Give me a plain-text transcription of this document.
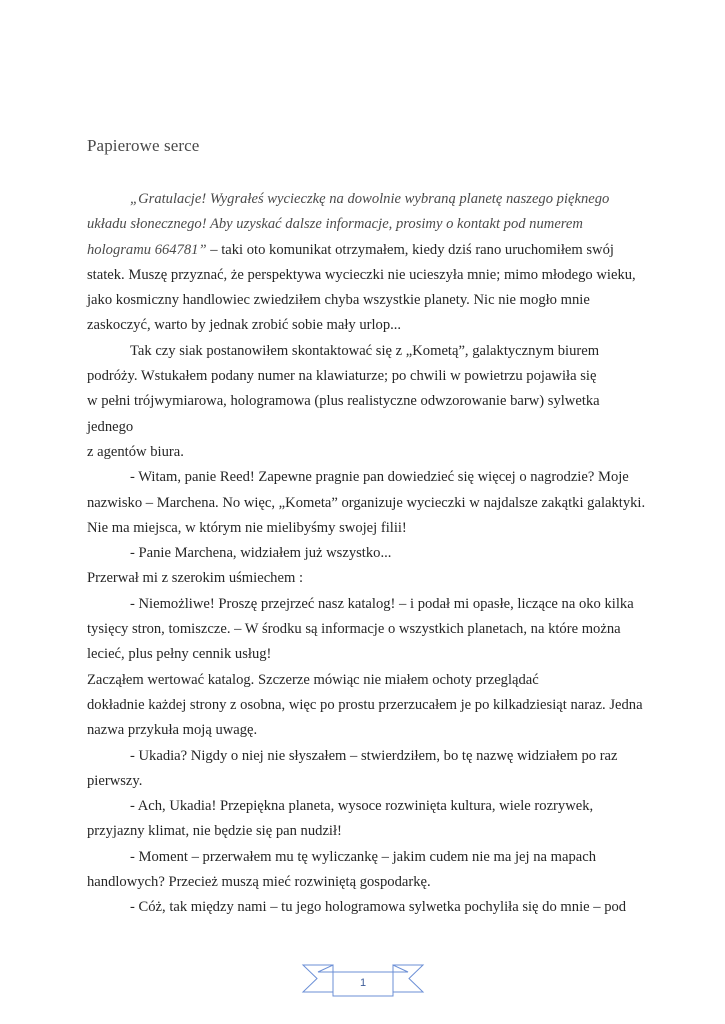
Papierowe serce

„Gratulacje! Wygrałeś wycieczkę na dowolnie wybraną planetę naszego pięknego układu słonecznego! Aby uzyskać dalsze informacje, prosimy o kontakt pod numerem hologramu 664781” – taki oto komunikat otrzymałem, kiedy dziś rano uruchomiłem swój statek. Muszę przyznać, że perspektywa wycieczki nie ucieszyła mnie; mimo młodego wieku, jako kosmiczny handlowiec zwiedziłem chyba wszystkie planety. Nic nie mogło mnie zaskoczyć, warto by jednak zrobić sobie mały urlop...

Tak czy siak postanowiłem skontaktować się z „Kometą”, galaktycznym biurem podróży. Wstukałem podany numer na klawiaturze; po chwili w powietrzu pojawiła się

w pełni trójwymiarowa, hologramowa (plus realistyczne odwzorowanie barw) sylwetka

jednego

z agentów biura.

- Witam, panie Reed! Zapewne pragnie pan dowiedzieć się więcej o nagrodzie? Moje nazwisko – Marchena. No więc, „Kometa” organizuje wycieczki w najdalsze zakątki galaktyki. Nie ma miejsca, w którym nie mielibyśmy swojej filii!

- Panie Marchena, widziałem już wszystko...

Przerwał mi z szerokim uśmiechem :

- Niemożliwe! Proszę przejrzeć nasz katalog! – i podał mi opasłe, liczące na oko kilka tysięcy stron, tomiszcze. – W środku są informacje o wszystkich planetach, na które można lecieć, plus pełny cennik usług!

Zacząłem wertować katalog. Szczerze mówiąc nie miałem ochoty przeglądać

dokładnie każdej strony z osobna, więc po prostu przerzucałem je po kilkadziesiąt naraz. Jedna nazwa przykuła moją uwagę.

- Ukadia? Nigdy o niej nie słyszałem – stwierdziłem, bo tę nazwę widziałem po raz pierwszy.

- Ach, Ukadia! Przepiękna planeta, wysoce rozwinięta kultura, wiele rozrywek, przyjazny klimat, nie będzie się pan nudził!

- Moment – przerwałem mu tę wyliczankę – jakim cudem nie ma jej na mapach handlowych? Przecież muszą mieć rozwiniętą gospodarkę.

- Cóż, tak między nami – tu jego hologramowa sylwetka pochyliła się do mnie – pod

1
